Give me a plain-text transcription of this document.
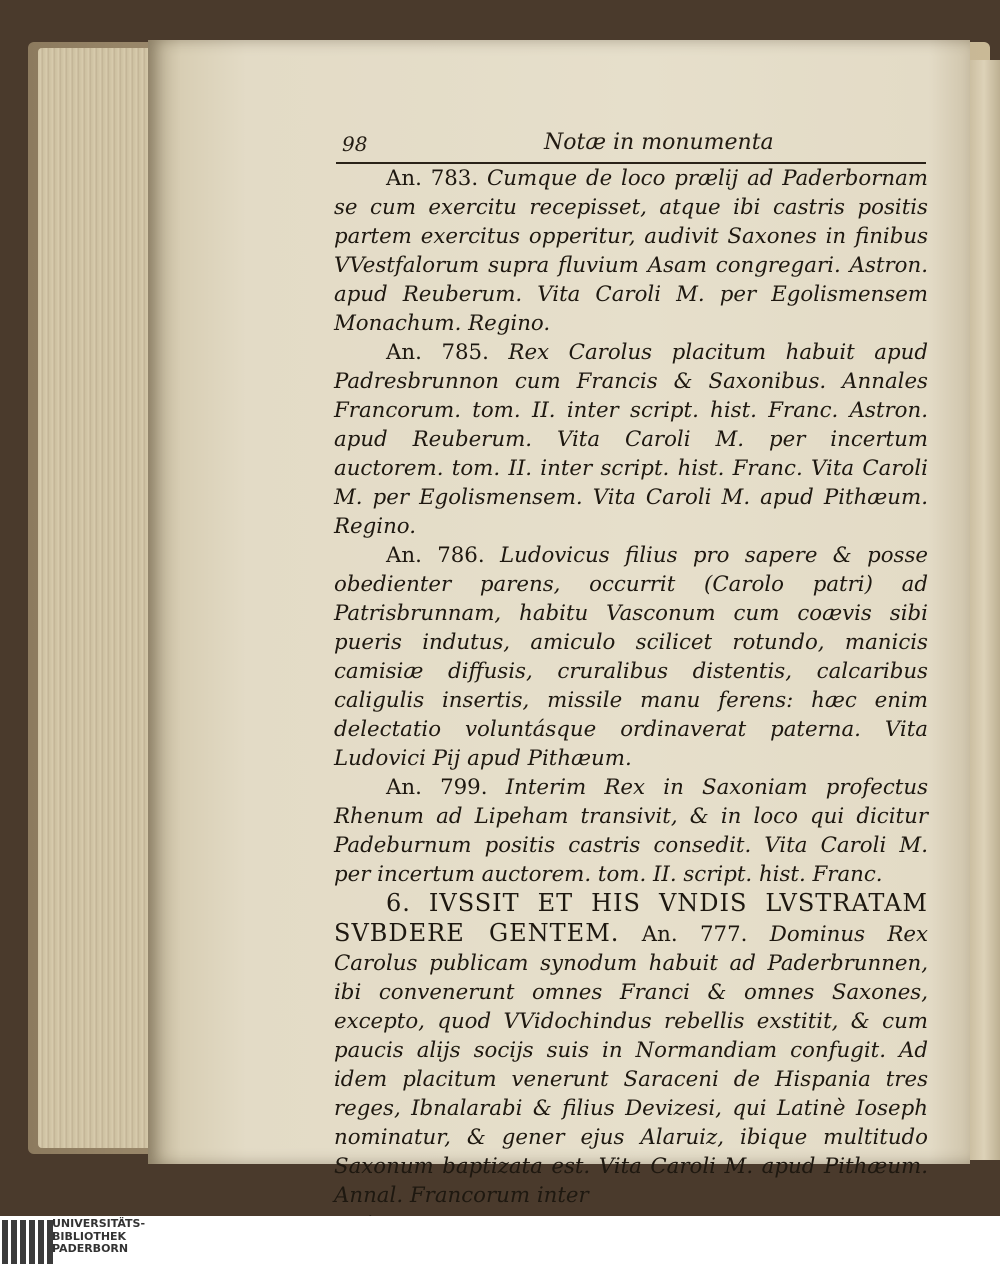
98	Notæ in monumenta

An. 783. Cumque de loco prælij ad Paderbornam se cum exercitu recepisset, atque ibi castris positis partem exercitus opperitur, audivit Saxones in finibus VVestfalorum supra fluvium Asam congregari. Astron. apud Reuberum. Vita Caroli M. per Egolismensem Monachum. Regino.

An. 785. Rex Carolus placitum habuit apud Padresbrunnon cum Francis & Saxonibus. Annales Francorum. tom. II. inter script. hist. Franc. Astron. apud Reuberum. Vita Caroli M. per incertum auctorem. tom. II. inter script. hist. Franc. Vita Caroli M. per Egolismensem. Vita Caroli M. apud Pithæum. Regino.

An. 786. Ludovicus filius pro sapere & posse obedienter parens, occurrit (Carolo patri) ad Patrisbrunnam, habitu Vasconum cum coævis sibi pueris indutus, amiculo scilicet rotundo, manicis camisiæ diffusis, cruralibus distentis, calcaribus caligulis insertis, missile manu ferens: hæc enim delectatio voluntásque ordinaverat paterna. Vita Ludovici Pij apud Pithæum.

An. 799. Interim Rex in Saxoniam profectus Rhenum ad Lipeham transivit, & in loco qui dicitur Padeburnum positis castris consedit. Vita Caroli M. per incertum auctorem. tom. II. script. hist. Franc.

6. IVSSIT ET HIS VNDIS LVSTRATAM SVBDERE GENTEM. An. 777. Dominus Rex Carolus publicam synodum habuit ad Paderbrunnen, ibi convenerunt omnes Franci & omnes Saxones, excepto, quod VVidochindus rebellis exstitit, & cum paucis alijs socijs suis in Normandiam confugit. Ad idem placitum venerunt Saraceni de Hispania tres reges, Ibnalarabi & filius Devizesi, qui Latinè Ioseph nominatur, & gener ejus Alaruiz, ibique multitudo Saxonum baptizata est. Vita Caroli M. apud Pithæum. Annal. Francorum inter

UNIVERSITÄTS-
BIBLIOTHEK
PADERBORN
